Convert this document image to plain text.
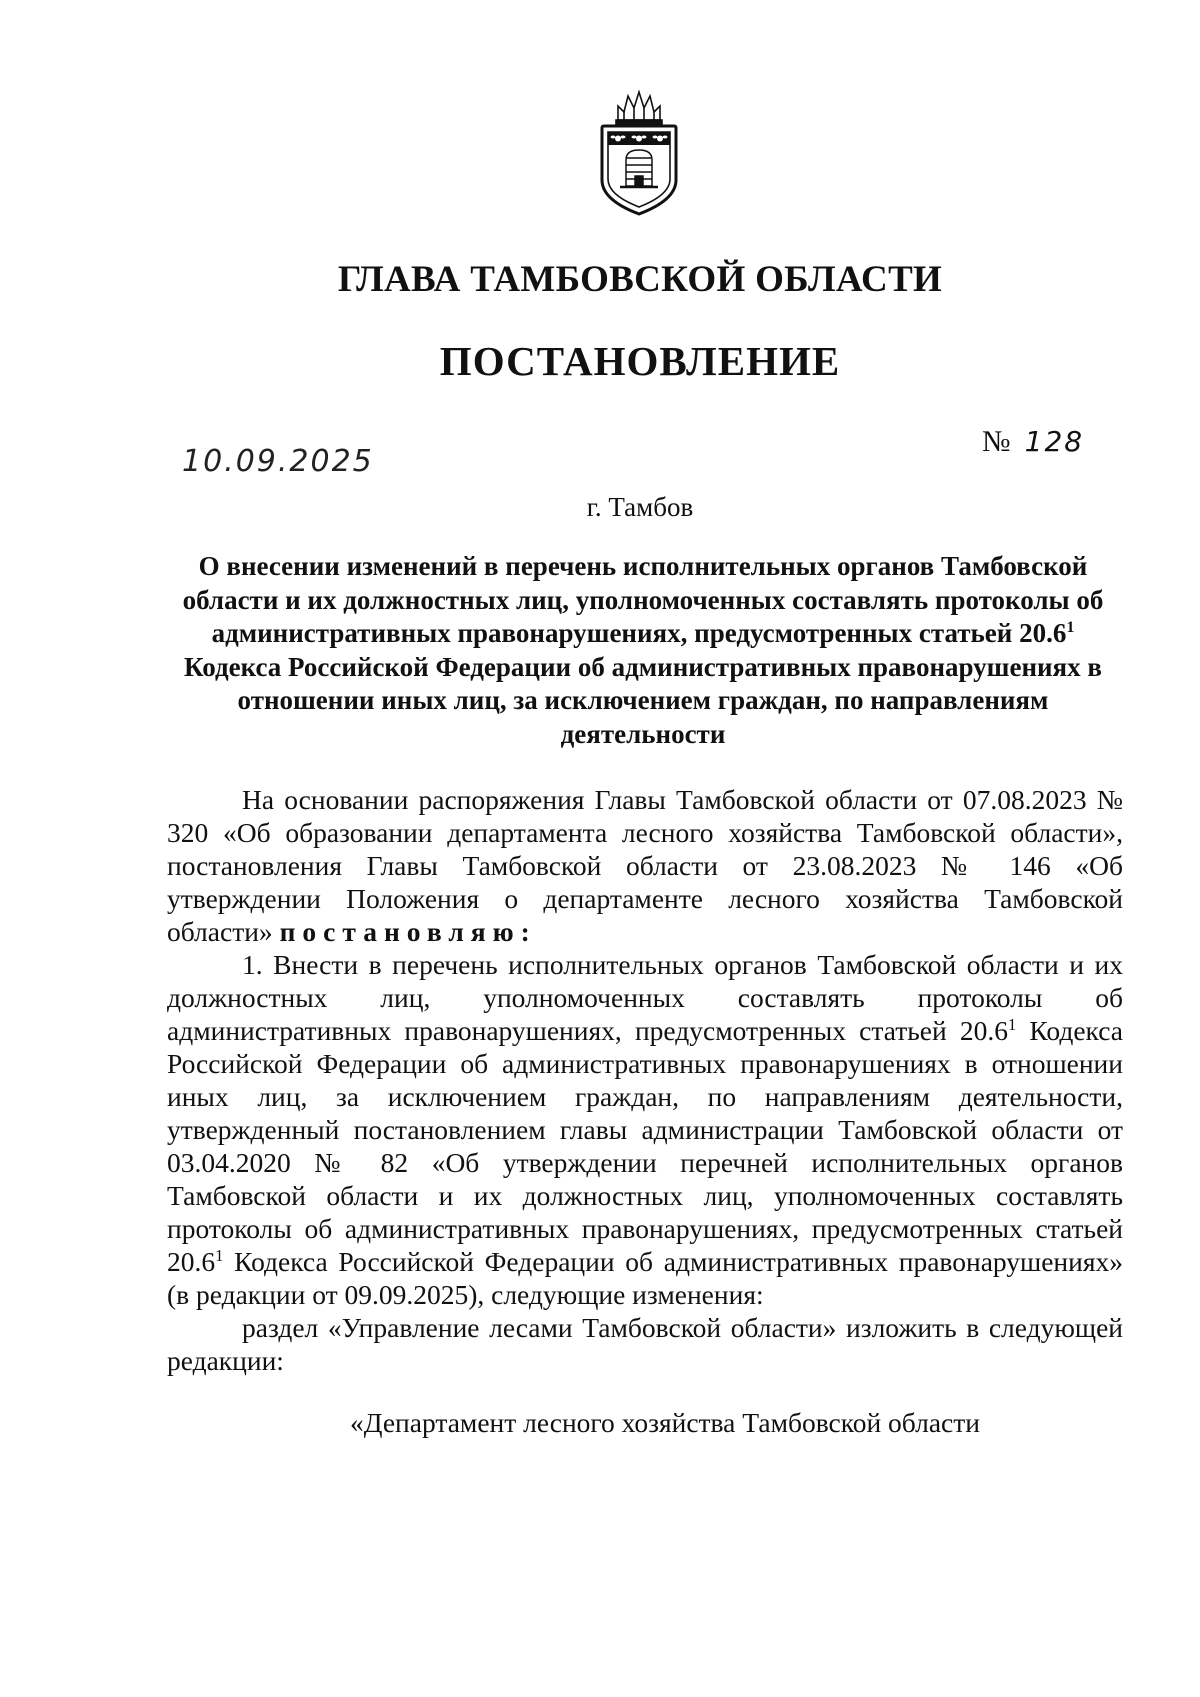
ГЛАВА ТАМБОВСКОЙ ОБЛАСТИ
ПОСТАНОВЛЕНИЕ
10.09.2025
№ 128
г. Тамбов
О внесении изменений в перечень исполнительных органов Тамбовской области и их должностных лиц, уполномоченных составлять протоколы об административных правонарушениях, предусмотренных статьей 20.6$^1$ Кодекса Российской Федерации об административных правонарушениях в отношении иных лиц, за исключением граждан, по направлениям деятельности

На основании распоряжения Главы Тамбовской области от 07.08.2023 № 320 «Об образовании департамента лесного хозяйства Тамбовской области», постановления Главы Тамбовской области от 23.08.2023 № 146 «Об утверждении Положения о департаменте лесного хозяйства Тамбовской области» постановляю:

1. Внести в перечень исполнительных органов Тамбовской области и их должностных лиц, уполномоченных составлять протоколы об административных правонарушениях, предусмотренных статьей 20.6$^1$ Кодекса Российской Федерации об административных правонарушениях в отношении иных лиц, за исключением граждан, по направлениям деятельности, утвержденный постановлением главы администрации Тамбовской области от 03.04.2020 № 82 «Об утверждении перечней исполнительных органов Тамбовской области и их должностных лиц, уполномоченных составлять протоколы об административных правонарушениях, предусмотренных статьей 20.6$^1$ Кодекса Российской Федерации об административных правонарушениях» (в редакции от 09.09.2025), следующие изменения:

раздел «Управление лесами Тамбовской области» изложить в следующей редакции:

«Департамент лесного хозяйства Тамбовской области
